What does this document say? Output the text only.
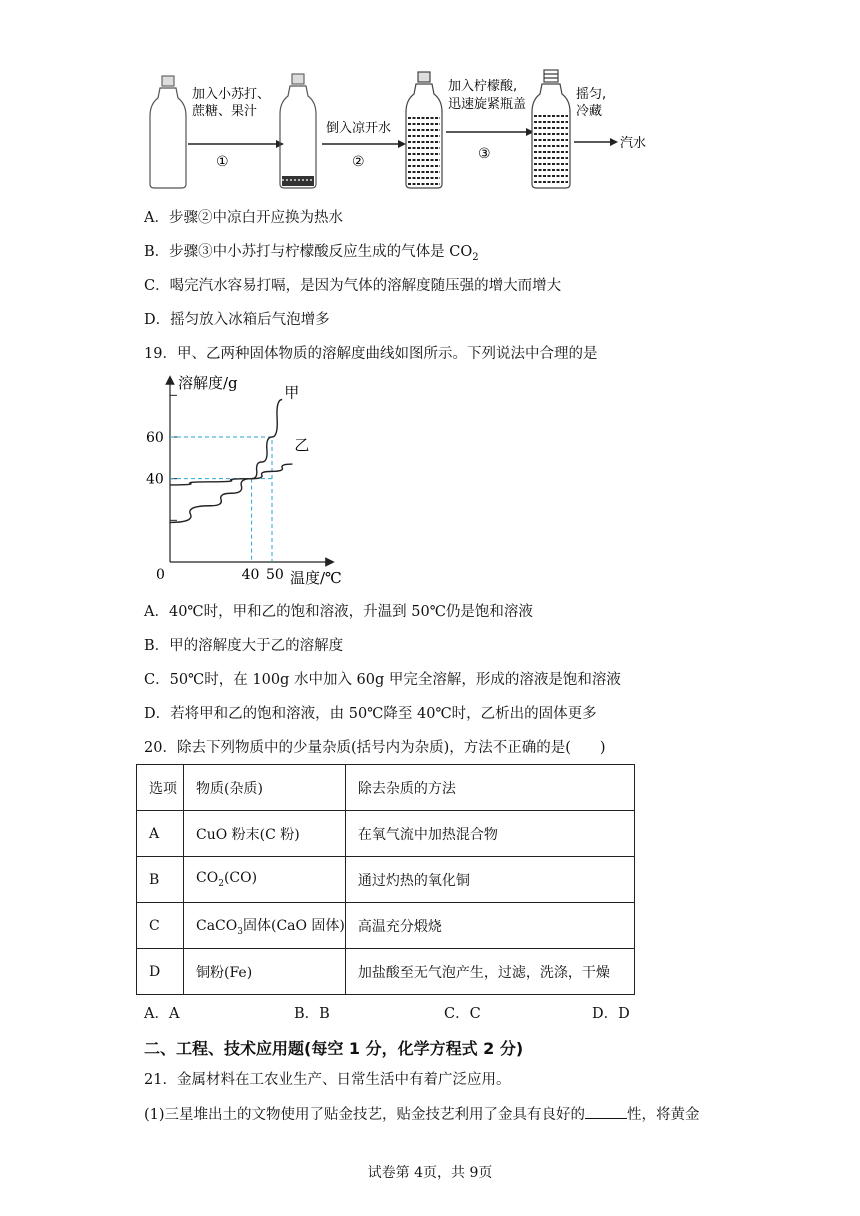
加入小苏打、
蔗糖、果汁
①
倒入凉开水
②
加入柠檬酸,
迅速旋紧瓶盖
③
摇匀,
冷藏
汽水
A．步骤②中凉白开应换为热水
B．步骤③中小苏打与柠檬酸反应生成的气体是 $CO_2$
C．喝完汽水容易打嗝，是因为气体的溶解度随压强的增大而增大
D．摇匀放入冰箱后气泡增多
19．甲、乙两种固体物质的溶解度曲线如图所示。下列说法中合理的是
溶解度/g
温度/℃
0
60
40
40 50
甲
乙
A．40℃时，甲和乙的饱和溶液，升温到 50℃仍是饱和溶液
B．甲的溶解度大于乙的溶解度
C．50℃时，在 100g 水中加入 60g 甲完全溶解，形成的溶液是饱和溶液
D．若将甲和乙的饱和溶液，由 50℃降至 40℃时，乙析出的固体更多
20．除去下列物质中的少量杂质(括号内为杂质)，方法不正确的是(　　)
选项	物质(杂质)	除去杂质的方法
A	CuO 粉末(C 粉)	在氧气流中加热混合物
B	$CO_2(CO)$	通过灼热的氧化铜
C	CaCO$_3$固体(CaO 固体)	高温充分煅烧
D	铜粉(Fe)	加盐酸至无气泡产生，过滤，洗涤，干燥
A．A	B．B	C．C	D．D
二、工程、技术应用题(每空 1 分，化学方程式 2 分)
21．金属材料在工农业生产、日常生活中有着广泛应用。
(1)三星堆出土的文物使用了贴金技艺，贴金技艺利用了金具有良好的	性，将黄金
试卷第 4页，共 9页
